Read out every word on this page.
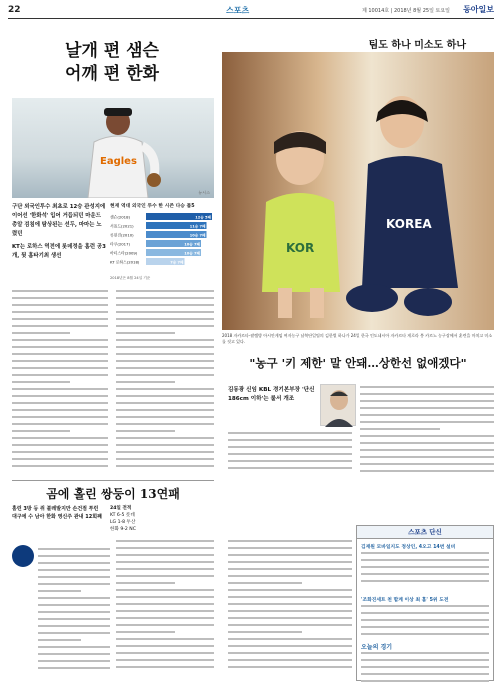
22	스포츠	제 10014호 | 2018년 8월 25일 토요일 동아일보
날개 편 샘슨
어깨 편 한화
Eagles
뉴시스
구단 외국인투수 최초로 12승 관성지에 이어선 '한화석' 입어 거듭되던 마운드 총알 검침에 탐상된는 선두, 마마는 노렸던
KT는 로하스 역전에 롯데정을 홈런 공3개, 뒷 홈타기최 생선
현재 역대 외국인 투수 한 시즌 다승 톱5
샘슨(2018)	12승 5패
서폴드(2021)	11승 7패
류현진(2010)	10승 7패
타쿠(2017)	10승 7패
바티스타(2009)	10승 7패
KT 로하스(2018)	7승 7패
2018년은 8월 24일 기준
팀도 하나 미소도 하나
KOR
KOREA
2018 자카르타-팔렘방 아시안게임 여자농구 남북단일팀의 김한별 하나가 24일 한국 인도네시아 자카르타 게로라 붕 카르노 농구장에서 훈련을 마치고 미소를 짓고 있다.
"농구 '키 제한' 말 안돼…상한선 없애겠다"
김동광 신임 KBL 경기본부장 '단신 186cm 이하'는 룰서 개조
곰에 홀린 쌍둥이 13연패
홈런 3방 등 쥐 불레발지만 손건점 투런 대구에 수 남아 한화 영신주 관내 12회째
24일 전적
KT 6-5 롯데
LG 1-8 두산
한화 9-2 NC	스포츠 단신
김재원 모바일지도 정상인, 4오고 14번 설비
'조화진세트 천 합계 이상 최 홈' 5위 도전
오늘의 경기
